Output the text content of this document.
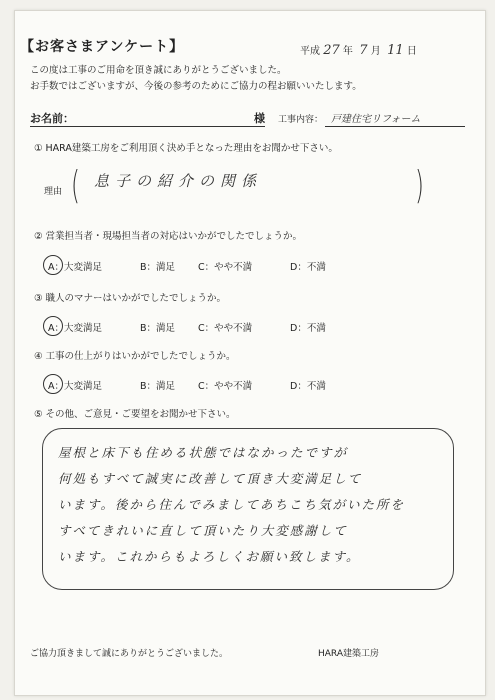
【お客さまアンケート】	平成 27 年 7 月 11 日
この度は工事のご用命を頂き誠にありがとうございました。
お手数ではございますが、今後の参考のためにご協力の程お願いいたします。
お名前：	様 工事内容： 戸建住宅リフォーム
① HARA建築工房をご利用頂く決め手となった理由をお聞かせ下さい。
理由 (	)
息子の紹介の関係
② 営業担当者・現場担当者の対応はいかがでしたでしょうか。
A：大変満足	B：満足 C：やや不満	D：不満
③ 職人のマナーはいかがでしたでしょうか。
A：大変満足	B：満足 C：やや不満	D：不満
④ 工事の仕上がりはいかがでしたでしょうか。
A：大変満足	B：満足 C：やや不満	D：不満
⑤ その他、ご意見・ご要望をお聞かせ下さい。
屋根と床下も住める状態ではなかったですが
何処もすべて誠実に改善して頂き大変満足して
います。後から住んでみましてあちこち気がいた所を
すべてきれいに直して頂いたり大変感謝して
います。これからもよろしくお願い致します。
ご協力頂きまして誠にありがとうございました。	HARA建築工房
